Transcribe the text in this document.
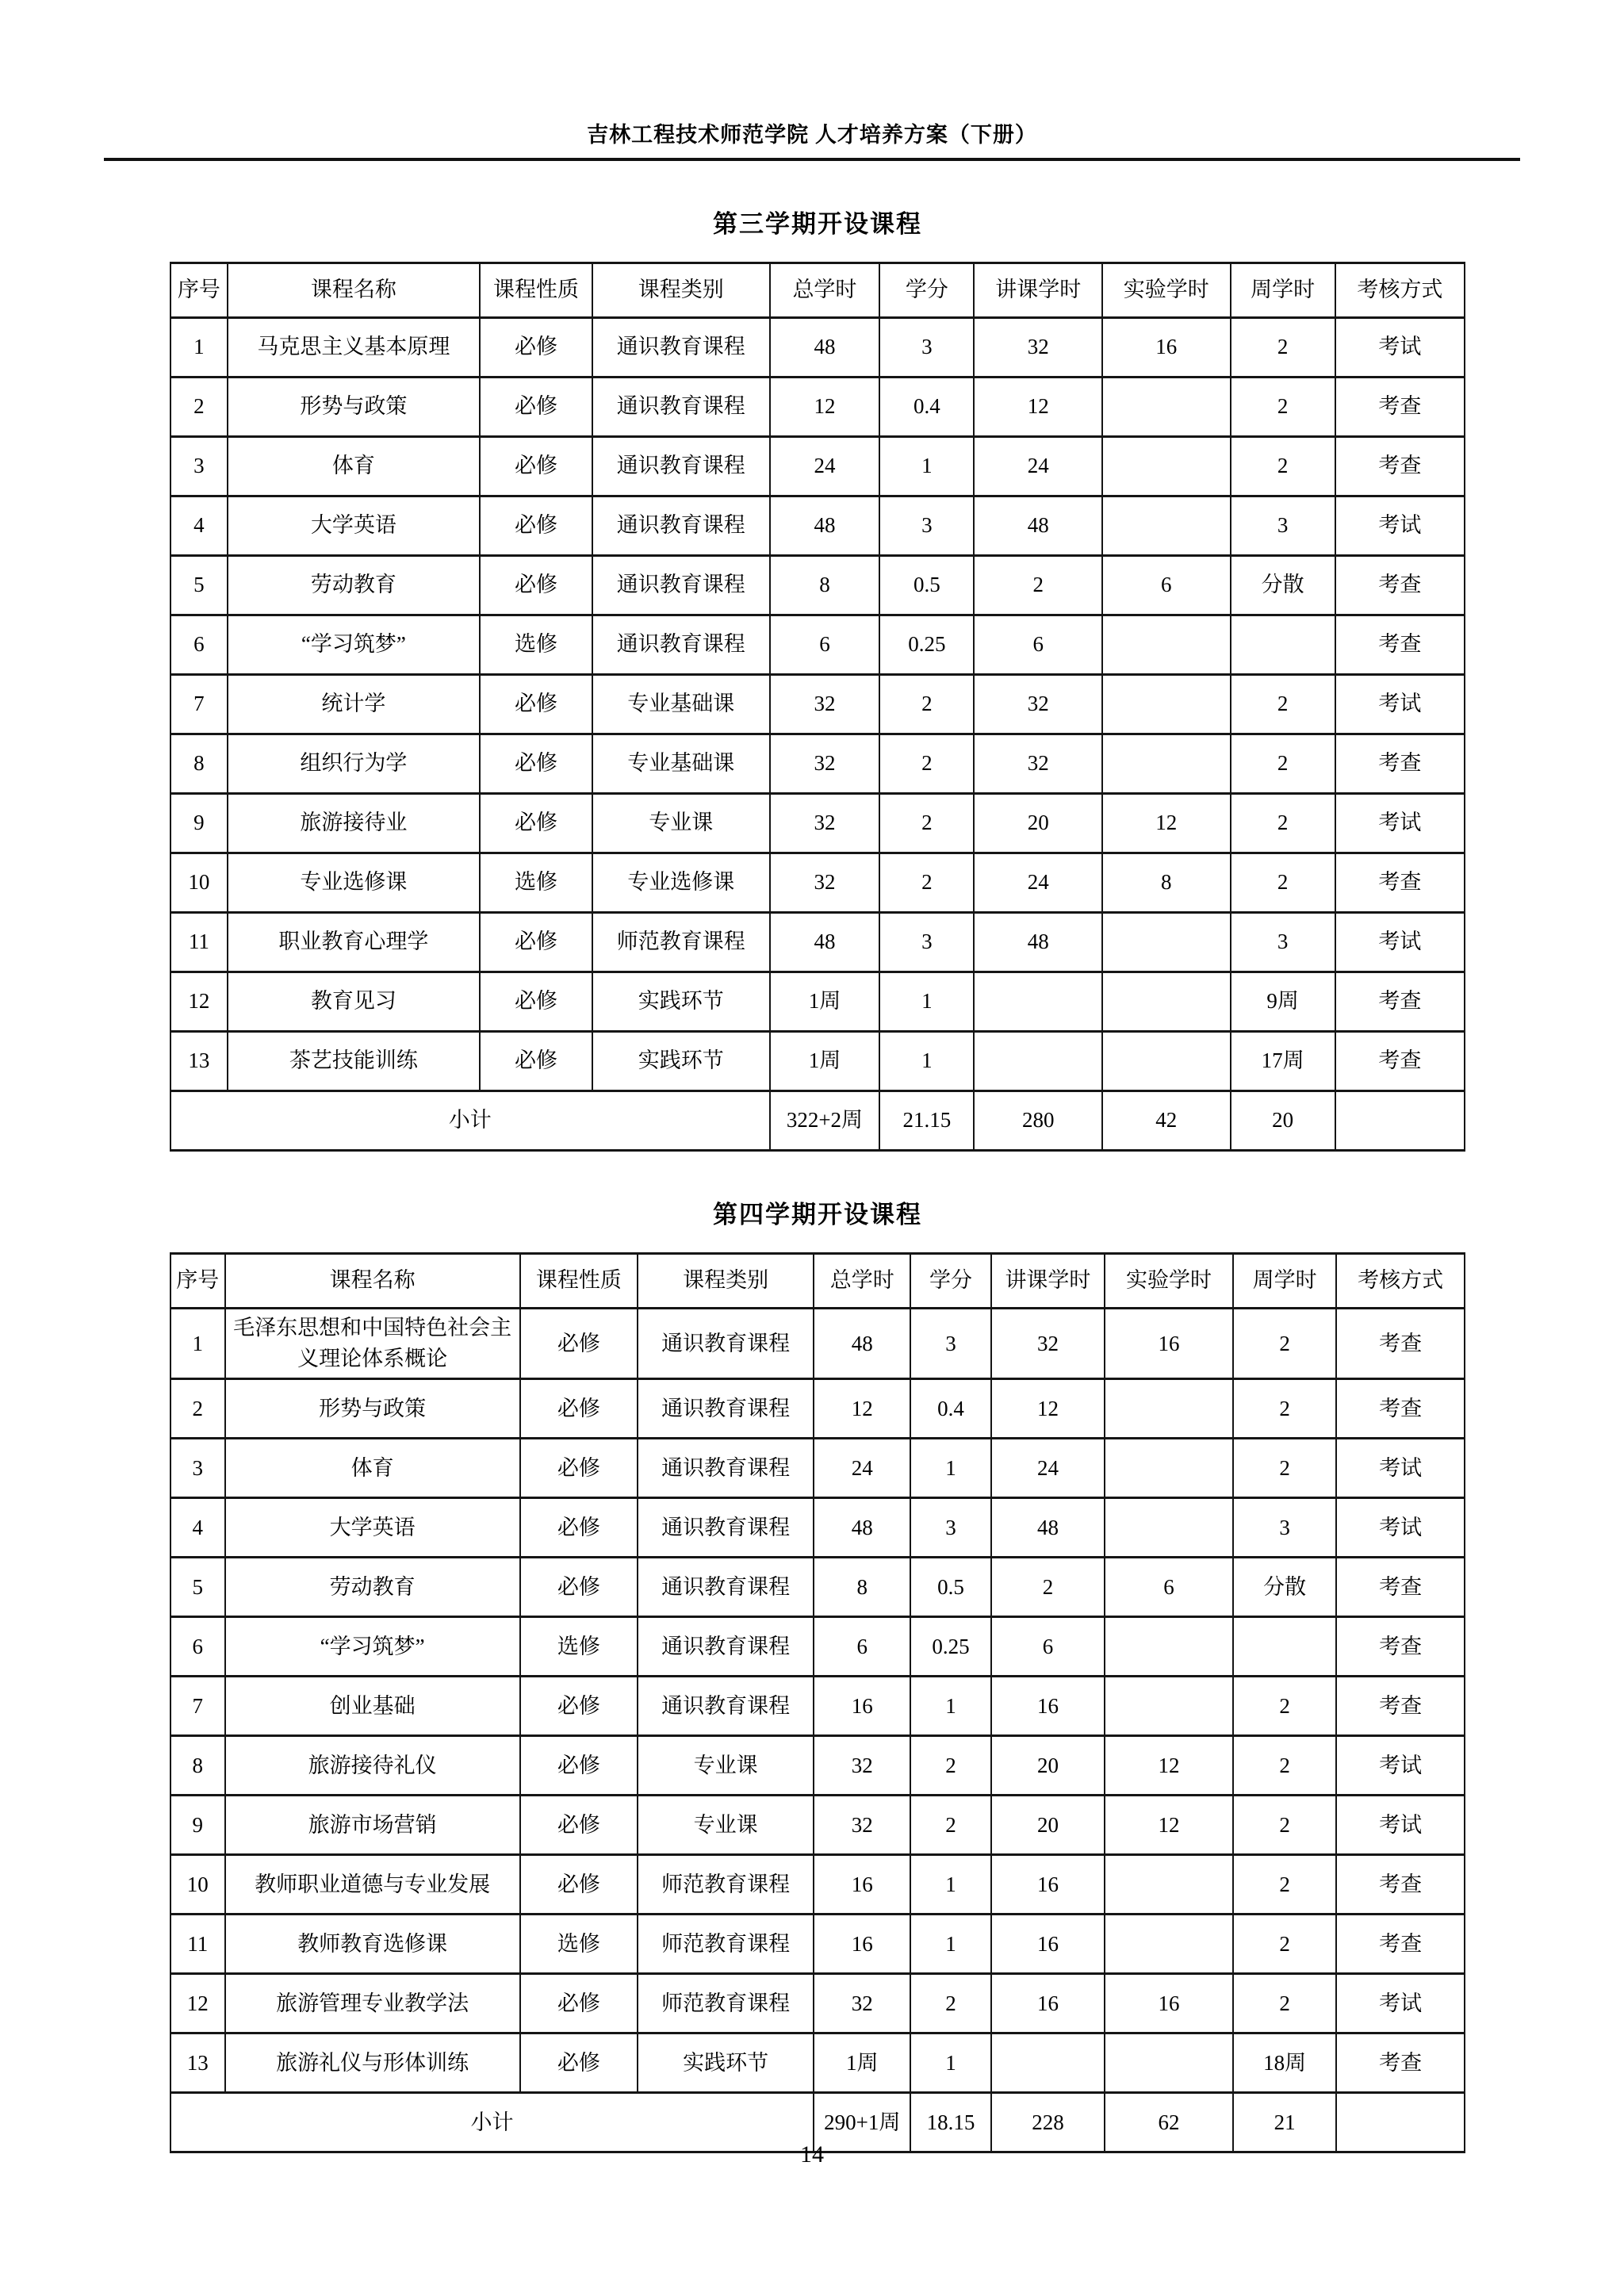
吉林工程技术师范学院 人才培养方案（下册）
第三学期开设课程
序号	课程名称	课程性质	课程类别	总学时	学分	讲课学时	实验学时	周学时	考核方式
1	马克思主义基本原理	必修	通识教育课程	48	3	32	16	2	考试
2	形势与政策	必修	通识教育课程	12	0.4	12		2	考查
3	体育	必修	通识教育课程	24	1	24		2	考查
4	大学英语	必修	通识教育课程	48	3	48		3	考试
5	劳动教育	必修	通识教育课程	8	0.5	2	6	分散	考查
6	“学习筑梦”	选修	通识教育课程	6	0.25	6			考查
7	统计学	必修	专业基础课	32	2	32		2	考试
8	组织行为学	必修	专业基础课	32	2	32		2	考查
9	旅游接待业	必修	专业课	32	2	20	12	2	考试
10	专业选修课	选修	专业选修课	32	2	24	8	2	考查
11	职业教育心理学	必修	师范教育课程	48	3	48		3	考试
12	教育见习	必修	实践环节	1周	1			9周	考查
13	茶艺技能训练	必修	实践环节	1周	1			17周	考查
小计				322+2周	21.15	280	42	20	
第四学期开设课程
序号	课程名称	课程性质	课程类别	总学时	学分	讲课学时	实验学时	周学时	考核方式
1	毛泽东思想和中国特色社会主义理论体系概论	必修	通识教育课程	48	3	32	16	2	考查
2	形势与政策	必修	通识教育课程	12	0.4	12		2	考查
3	体育	必修	通识教育课程	24	1	24		2	考试
4	大学英语	必修	通识教育课程	48	3	48		3	考试
5	劳动教育	必修	通识教育课程	8	0.5	2	6	分散	考查
6	“学习筑梦”	选修	通识教育课程	6	0.25	6			考查
7	创业基础	必修	通识教育课程	16	1	16		2	考查
8	旅游接待礼仪	必修	专业课	32	2	20	12	2	考试
9	旅游市场营销	必修	专业课	32	2	20	12	2	考试
10	教师职业道德与专业发展	必修	师范教育课程	16	1	16		2	考查
11	教师教育选修课	选修	师范教育课程	16	1	16		2	考查
12	旅游管理专业教学法	必修	师范教育课程	32	2	16	16	2	考试
13	旅游礼仪与形体训练	必修	实践环节	1周	1			18周	考查
小计				290+1周	18.15	228	62	21	
14
